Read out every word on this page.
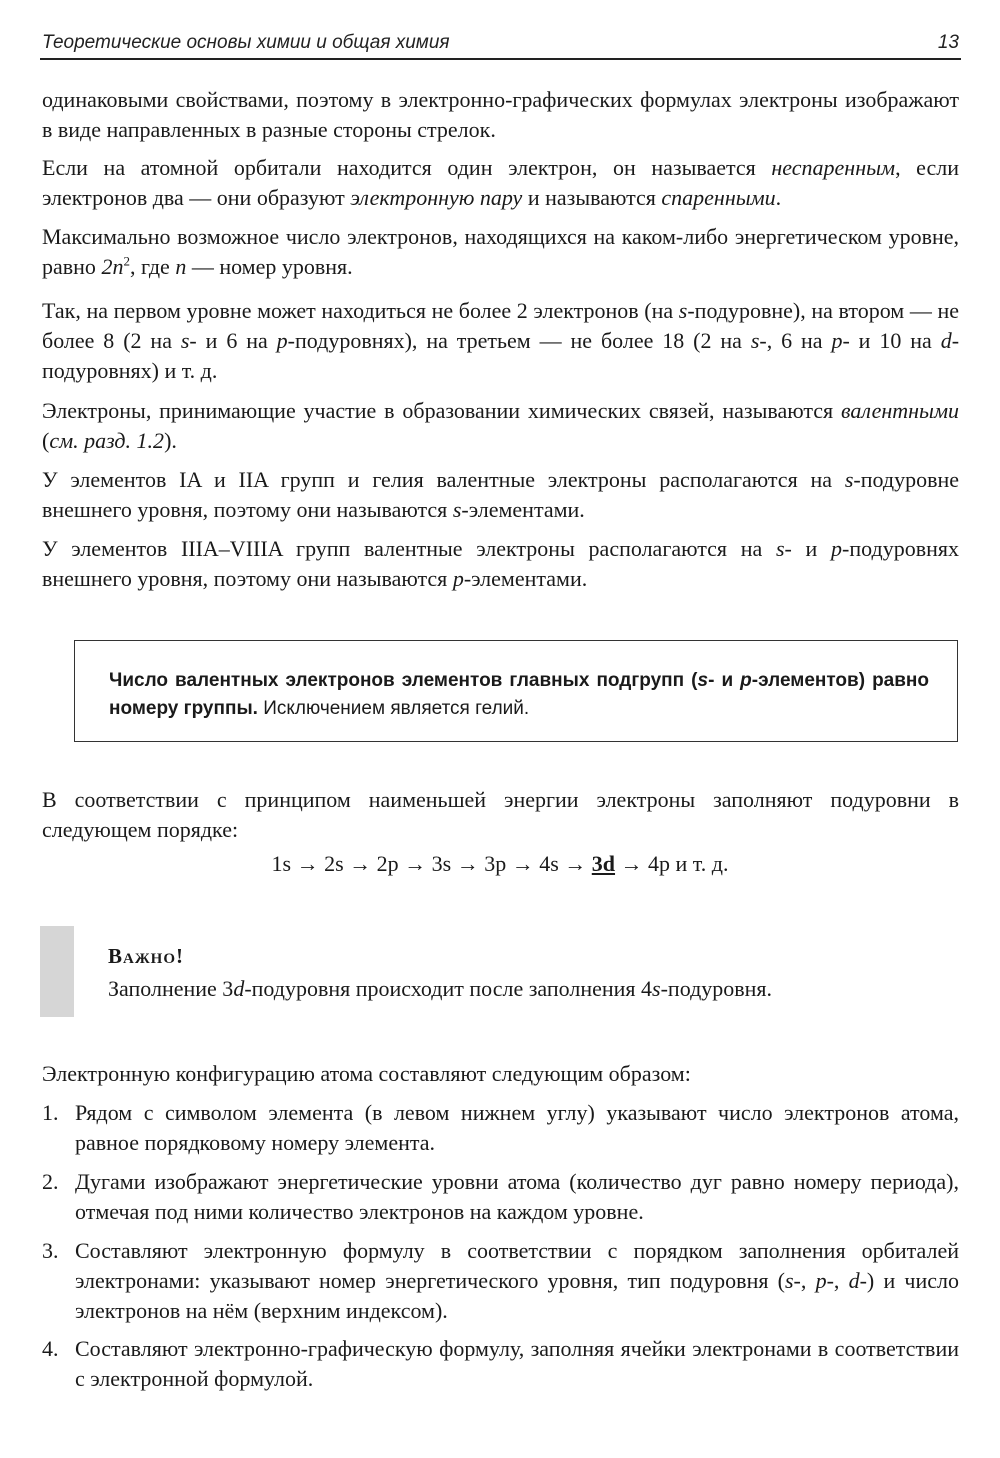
Теоретические основы химии и общая химия	13

одинаковыми свойствами, поэтому в электронно-графических формулах электроны изображают в виде направленных в разные стороны стрелок.

Если на атомной орбитали находится один электрон, он называется неспаренным, если электронов два — они образуют электронную пару и называются спаренными.

Максимально возможное число электронов, находящихся на каком-либо энергетическом уровне, равно $2n^2$, где n — номер уровня.

Так, на первом уровне может находиться не более 2 электронов (на s-подуровне), на втором — не более 8 (2 на s- и 6 на p-подуровнях), на третьем — не более 18 (2 на s-, 6 на p- и 10 на d-подуровнях) и т. д.

Электроны, принимающие участие в образовании химических связей, называются валентными (см. разд. 1.2).

У элементов IA и IIA групп и гелия валентные электроны располагаются на s-подуровне внешнего уровня, поэтому они называются s-элементами.

У элементов IIIA–VIIIA групп валентные электроны располагаются на s- и p-подуровнях внешнего уровня, поэтому они называются p-элементами.

Число валентных электронов элементов главных подгрупп (s- и p-элементов) равно номеру группы. Исключением является гелий.

В соответствии с принципом наименьшей энергии электроны заполняют подуровни в следующем порядке:

1s → 2s → 2p → 3s → 3p → 4s → 3d → 4p и т. д.
Важно!
Заполнение 3d-подуровня происходит после заполнения 4s-подуровня.

Электронную конфигурацию атома составляют следующим образом:

1. Рядом с символом элемента (в левом нижнем углу) указывают число электронов атома, равное порядковому номеру элемента.
2. Дугами изображают энергетические уровни атома (количество дуг равно номеру периода), отмечая под ними количество электронов на каждом уровне.
3. Составляют электронную формулу в соответствии с порядком заполнения орбиталей электронами: указывают номер энергетического уровня, тип подуровня (s-, p-, d-) и число электронов на нём (верхним индексом).
4. Составляют электронно-графическую формулу, заполняя ячейки электронами в соответствии с электронной формулой.
